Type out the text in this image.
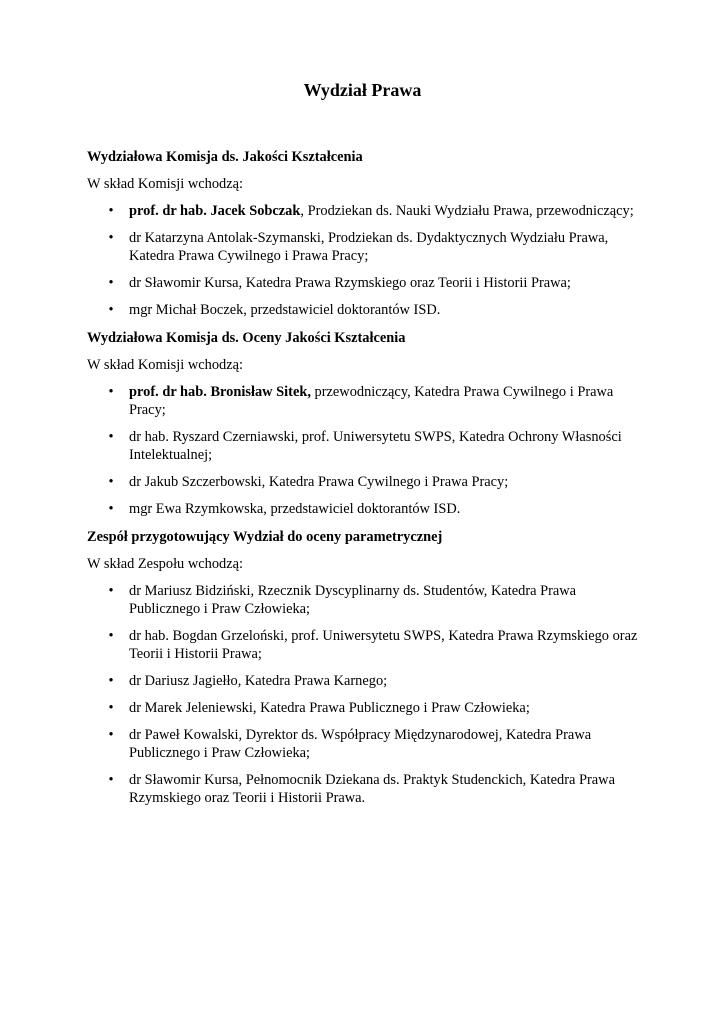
Wydział Prawa

Wydziałowa Komisja ds. Jakości Kształcenia

W skład Komisji wchodzą:

• prof. dr hab. Jacek Sobczak, Prodziekan ds. Nauki Wydziału Prawa, przewodniczący;
• dr Katarzyna Antolak-Szymanski, Prodziekan ds. Dydaktycznych Wydziału Prawa, Katedra Prawa Cywilnego i Prawa Pracy;
• dr Sławomir Kursa, Katedra Prawa Rzymskiego oraz Teorii i Historii Prawa;
• mgr Michał Boczek, przedstawiciel doktorantów ISD.

Wydziałowa Komisja ds. Oceny Jakości Kształcenia

W skład Komisji wchodzą:

• prof. dr hab. Bronisław Sitek, przewodniczący, Katedra Prawa Cywilnego i Prawa Pracy;
• dr hab. Ryszard Czerniawski, prof. Uniwersytetu SWPS, Katedra Ochrony Własności Intelektualnej;
• dr Jakub Szczerbowski, Katedra Prawa Cywilnego i Prawa Pracy;
• mgr Ewa Rzymkowska, przedstawiciel doktorantów ISD.

Zespół przygotowujący Wydział do oceny parametrycznej

W skład Zespołu wchodzą:

• dr Mariusz Bidziński, Rzecznik Dyscyplinarny ds. Studentów, Katedra Prawa Publicznego i Praw Człowieka;
• dr hab. Bogdan Grzeloński, prof. Uniwersytetu SWPS, Katedra Prawa Rzymskiego oraz Teorii i Historii Prawa;
• dr Dariusz Jagiełło, Katedra Prawa Karnego;
• dr Marek Jeleniewski, Katedra Prawa Publicznego i Praw Człowieka;
• dr Paweł Kowalski, Dyrektor ds. Współpracy Międzynarodowej, Katedra Prawa Publicznego i Praw Człowieka;
• dr Sławomir Kursa, Pełnomocnik Dziekana ds. Praktyk Studenckich, Katedra Prawa Rzymskiego oraz Teorii i Historii Prawa.
